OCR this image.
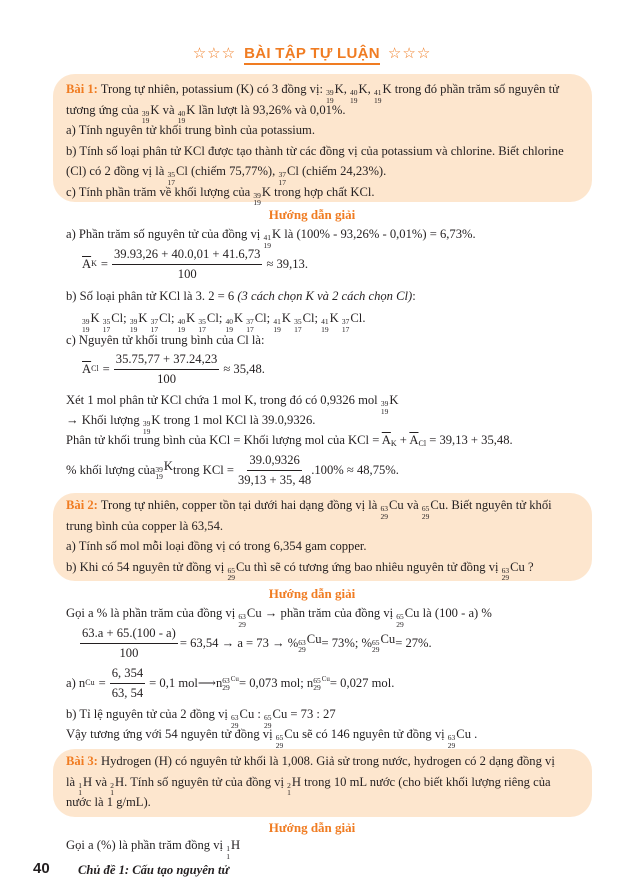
☆☆☆ BÀI TẬP TỰ LUẬN ☆☆☆
Bài 1: Trong tự nhiên, potassium (K) có 3 đồng vị: 39
19
K, 40
19
K, 41
19
K trong đó phần trăm số nguyên tử
tương ứng của 39
19
K và 40
19
K lần lượt là 93,26% và 0,01%.
a) Tính nguyên tử khối trung bình của potassium.
b) Tính số loại phân tử KCl được tạo thành từ các đồng vị của potassium và chlorine. Biết chlorine
(Cl) có 2 đồng vị là 35
17
Cl (chiếm 75,77%), 37
17
Cl (chiếm 24,23%).
c) Tính phần trăm về khối lượng của 39
19
K trong hợp chất KCl.
Hướng dẫn giải
a) Phần trăm số nguyên tử của đồng vị 41
19
K là (100% - 93,26% - 0,01%) = 6,73%.
$\overline{A}$ $K = \frac{39.93,26 + 40.0,01 + 41.6,73}{100} \approx 39,13$.
b) Số loại phân tử KCl là 3. 2 = 6 (3 cách chọn K và 2 cách chọn Cl):
39
19
K 35
17
Cl; 39
19
K 37
17
Cl; 40
19
K 35
17
Cl; 40
19
K 37
17
Cl; 41
19
K 35
17
Cl; 41
19
K 37
17
Cl.
c) Nguyên tử khối trung bình của Cl là:
$\overline{A}$ $Cl = \frac{35.75,77 + 37.24,23}{100} \approx 35,48$.
Xét 1 mol phân tử KCl chứa 1 mol K, trong đó có 0,9326 mol 39
19
K
→ Khối lượng 39
19
K trong 1 mol KCl là 39.0,9326.
Phân tử khối trung bình của KCl = Khối lượng mol của KCl = $\overline{A}_K + \overline{A}_{Cl} = 39,13 + 35,48$.
% khối lượng của 39
19
K trong KCl = $\frac{39.0,9326}{39,13 + 35, 48} .100\% \approx 48,75\%$.
Bài 2: Trong tự nhiên, copper tồn tại dưới hai dạng đồng vị là 63
29
Cu và 65
29
Cu. Biết nguyên tử khối
trung bình của copper là 63,54.
a) Tính số mol mỗi loại đồng vị có trong 6,354 gam copper.
b) Khi có 54 nguyên tử đồng vị 65
29
Cu thì sẽ có tương ứng bao nhiêu nguyên tử đồng vị 63
29
Cu ?
Hướng dẫn giải
Gọi a % là phần trăm của đồng vị 63
29
Cu → phần trăm của đồng vị 65
29
Cu là (100 - a) %
$\frac{63.a + 65.(100 - a)}{100} = 63,54 \to a = 73$ → % 63
29
Cu = 73%; % 65
29
Cu = 27%.
a) n $Cu = \frac{6, 354}{63, 54} = 0,1$ mol ⟶ n 63
29
Cu = 0,073 mol; n 65
29
Cu = 0,027 mol.
b) Tỉ lệ nguyên tử của 2 đồng vị 63
29
Cu : 65
29
Cu = 73 : 27
Vậy tương ứng với 54 nguyên tử đồng vị 65
29
Cu sẽ có 146 nguyên tử đồng vị 63
29
Cu .
Bài 3: Hydrogen (H) có nguyên tử khối là 1,008. Giả sử trong nước, hydrogen có 2 dạng đồng vị
là 1
1
H và 2
1
H. Tính số nguyên tử của đồng vị 2
1
H trong 10 mL nước (cho biết khối lượng riêng của
nước là 1 g/mL).
Hướng dẫn giải
Gọi a (%) là phần trăm đồng vị 1
1
H
40 Chủ đề 1: Cấu tạo nguyên tử
